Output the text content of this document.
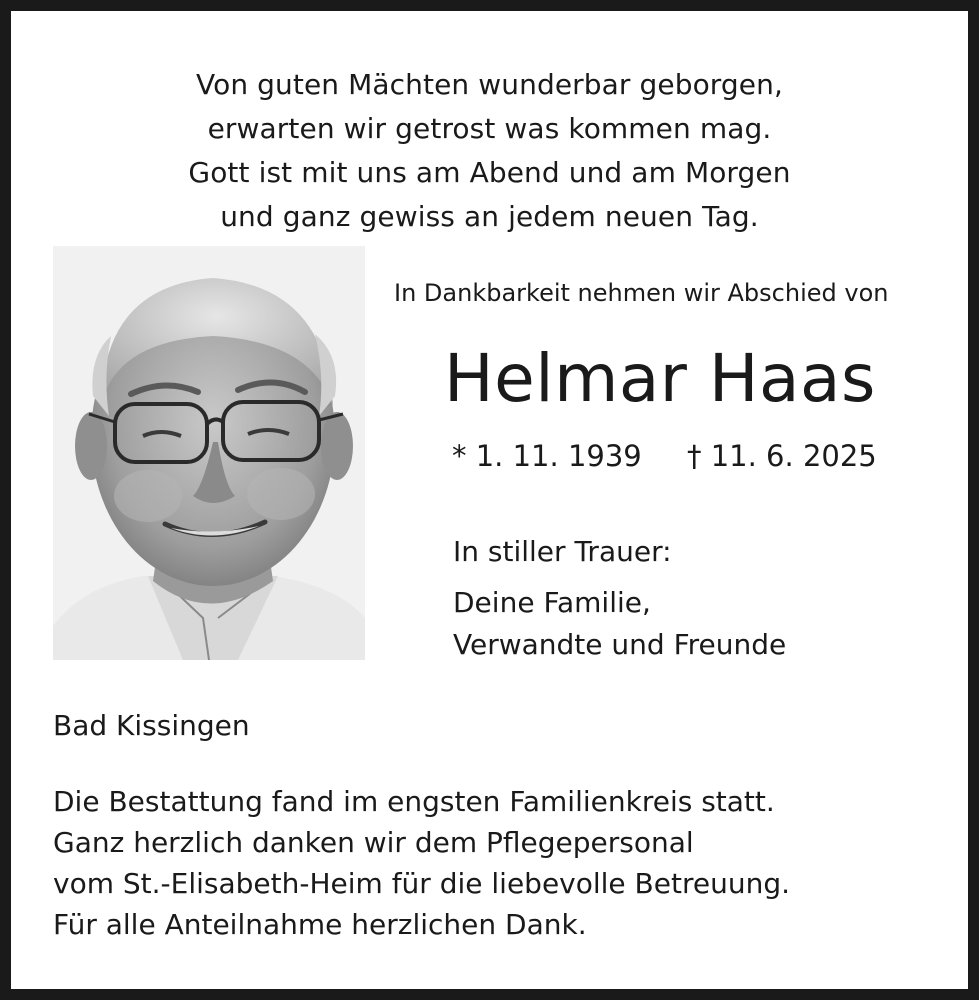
Von guten Mächten wunderbar geborgen,
erwarten wir getrost was kommen mag.
Gott ist mit uns am Abend und am Morgen
und ganz gewiss an jedem neuen Tag.
In Dankbarkeit nehmen wir Abschied von
Helmar Haas
* 1. 11. 1939 † 11. 6. 2025
In stiller Trauer:
Deine Familie,
Verwandte und Freunde
Bad Kissingen
Die Bestattung fand im engsten Familienkreis statt.
Ganz herzlich danken wir dem Pflegepersonal
vom St.-Elisabeth-Heim für die liebevolle Betreuung.
Für alle Anteilnahme herzlichen Dank.
